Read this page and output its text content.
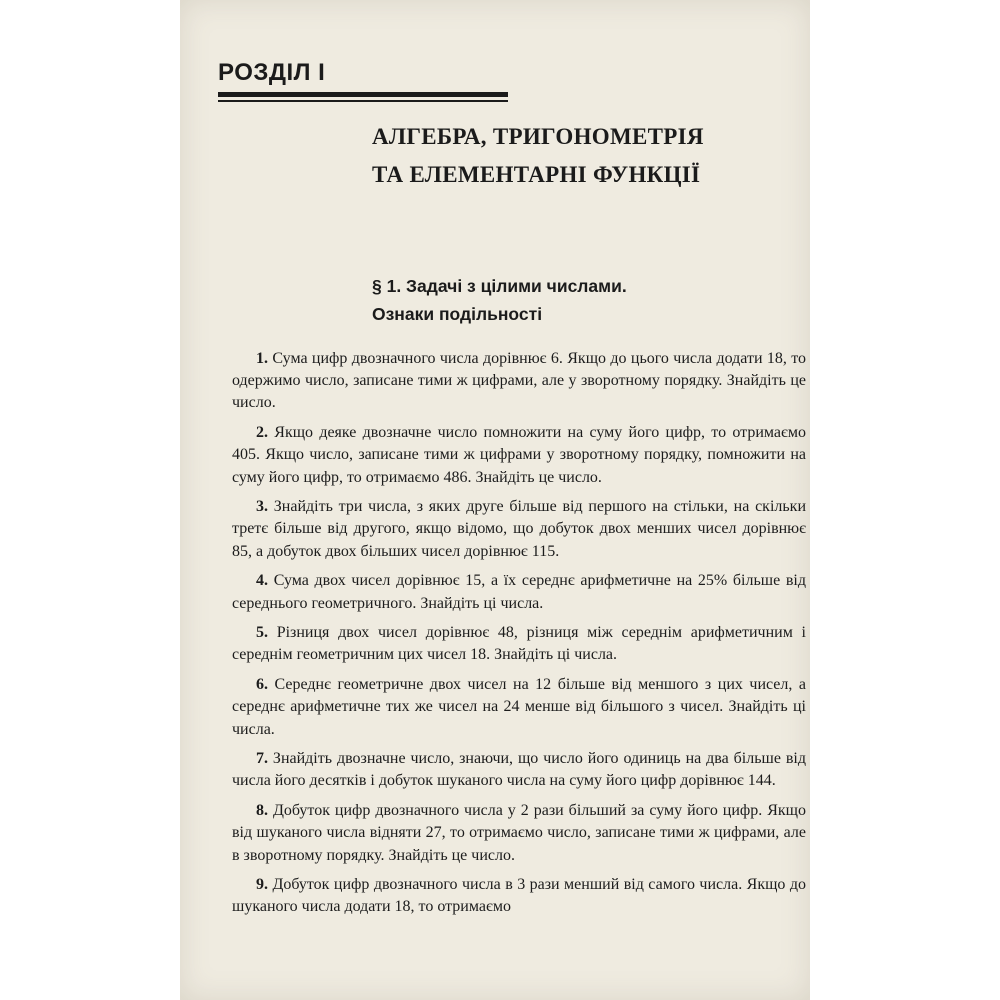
РОЗДІЛ І
АЛГЕБРА, ТРИГОНОМЕТРІЯ
ТА ЕЛЕМЕНТАРНІ ФУНКЦІЇ
§ 1. Задачі з цілими числами.
Ознаки подільності

1. Сума цифр двозначного числа дорівнює 6. Якщо до цього числа додати 18, то одержимо число, записане тими ж цифрами, але у зворотному порядку. Знайдіть це число.

2. Якщо деяке двозначне число помножити на суму його цифр, то отримаємо 405. Якщо число, записане тими ж цифрами у зворотному порядку, помножити на суму його цифр, то отримаємо 486. Знайдіть це число.

3. Знайдіть три числа, з яких друге більше від першого на стільки, на скільки третє більше від другого, якщо відомо, що добуток двох менших чисел дорівнює 85, а добуток двох більших чисел дорівнює 115.

4. Сума двох чисел дорівнює 15, а їх середнє арифметичне на 25% більше від середнього геометричного. Знайдіть ці числа.

5. Різниця двох чисел дорівнює 48, різниця між середнім арифметичним і середнім геометричним цих чисел 18. Знайдіть ці числа.

6. Середнє геометричне двох чисел на 12 більше від меншого з цих чисел, а середнє арифметичне тих же чисел на 24 менше від більшого з чисел. Знайдіть ці числа.

7. Знайдіть двозначне число, знаючи, що число його одиниць на два більше від числа його десятків і добуток шуканого числа на суму його цифр дорівнює 144.

8. Добуток цифр двозначного числа у 2 рази більший за суму його цифр. Якщо від шуканого числа відняти 27, то отримаємо число, записане тими ж цифрами, але в зворотному порядку. Знайдіть це число.

9. Добуток цифр двозначного числа в 3 рази менший від самого числа. Якщо до шуканого числа додати 18, то отримаємо
